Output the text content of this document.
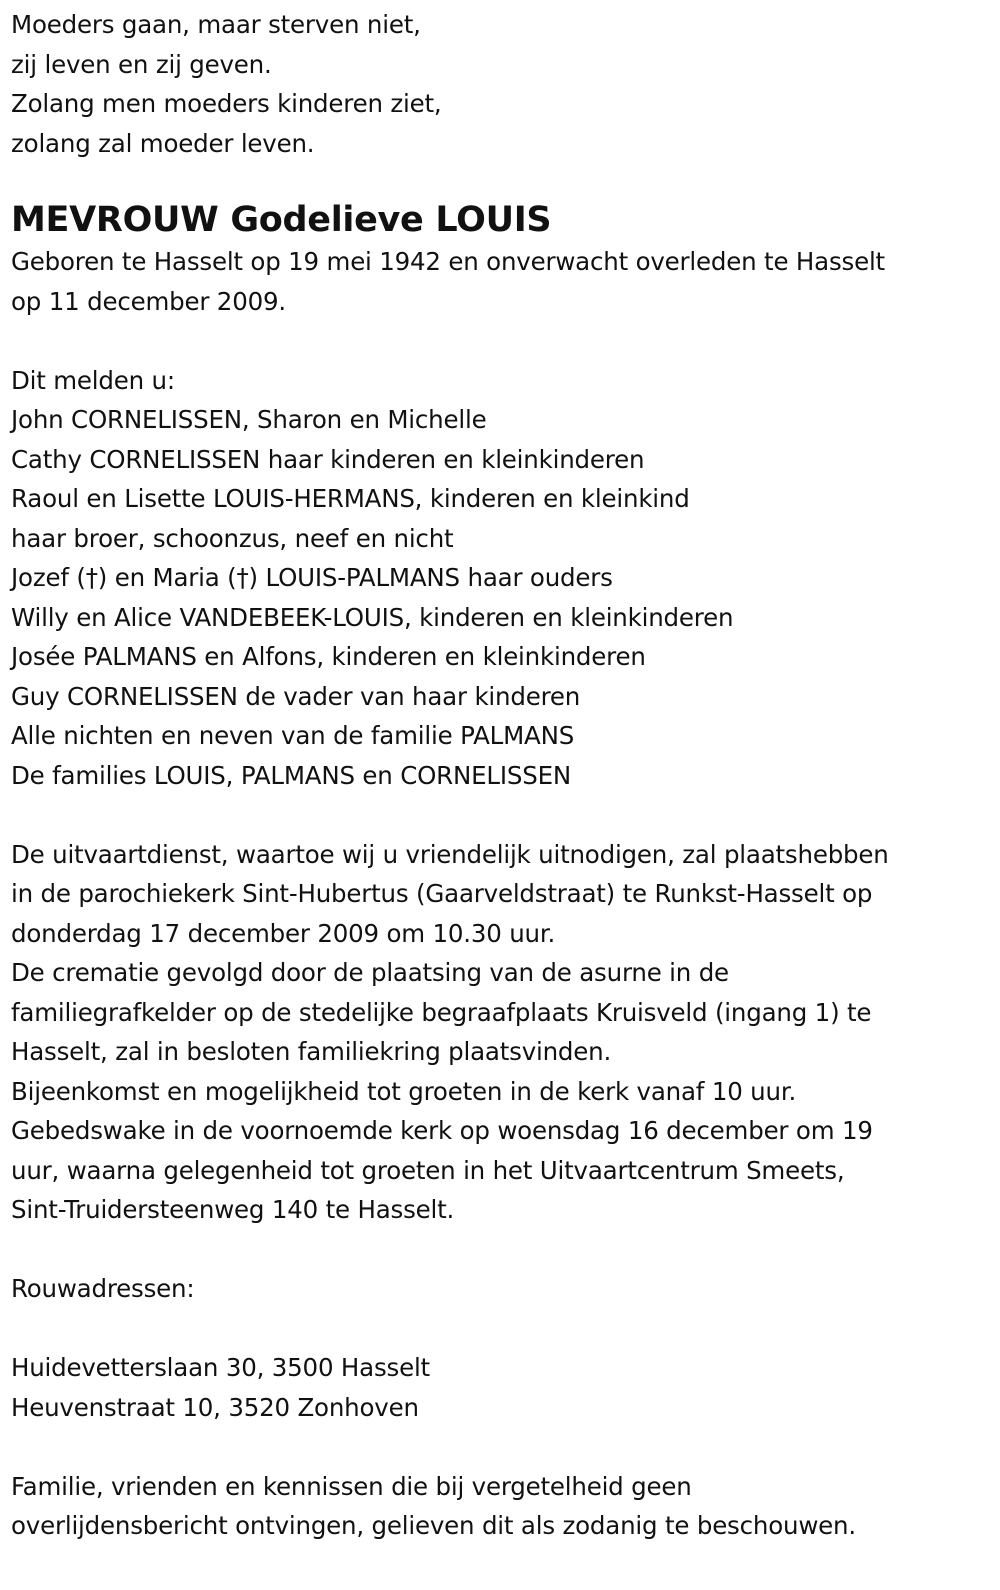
Moeders gaan, maar sterven niet,
zij leven en zij geven.
Zolang men moeders kinderen ziet,
zolang zal moeder leven.
MEVROUW Godelieve LOUIS
Geboren te Hasselt op 19 mei 1942 en onverwacht overleden te Hasselt
op 11 december 2009.
Dit melden u:
John CORNELISSEN, Sharon en Michelle
Cathy CORNELISSEN haar kinderen en kleinkinderen
Raoul en Lisette LOUIS-HERMANS, kinderen en kleinkind
haar broer, schoonzus, neef en nicht
Jozef (†) en Maria (†) LOUIS-PALMANS haar ouders
Willy en Alice VANDEBEEK-LOUIS, kinderen en kleinkinderen
Josée PALMANS en Alfons, kinderen en kleinkinderen
Guy CORNELISSEN de vader van haar kinderen
Alle nichten en neven van de familie PALMANS
De families LOUIS, PALMANS en CORNELISSEN
De uitvaartdienst, waartoe wij u vriendelijk uitnodigen, zal plaatshebben
in de parochiekerk Sint-Hubertus (Gaarveldstraat) te Runkst-Hasselt op
donderdag 17 december 2009 om 10.30 uur.
De crematie gevolgd door de plaatsing van de asurne in de
familiegrafkelder op de stedelijke begraafplaats Kruisveld (ingang 1) te
Hasselt, zal in besloten familiekring plaatsvinden.
Bijeenkomst en mogelijkheid tot groeten in de kerk vanaf 10 uur.
Gebedswake in de voornoemde kerk op woensdag 16 december om 19
uur, waarna gelegenheid tot groeten in het Uitvaartcentrum Smeets,
Sint-Truidersteenweg 140 te Hasselt.
Rouwadressen:
Huidevetterslaan 30, 3500 Hasselt
Heuvenstraat 10, 3520 Zonhoven
Familie, vrienden en kennissen die bij vergetelheid geen
overlijdensbericht ontvingen, gelieven dit als zodanig te beschouwen.
